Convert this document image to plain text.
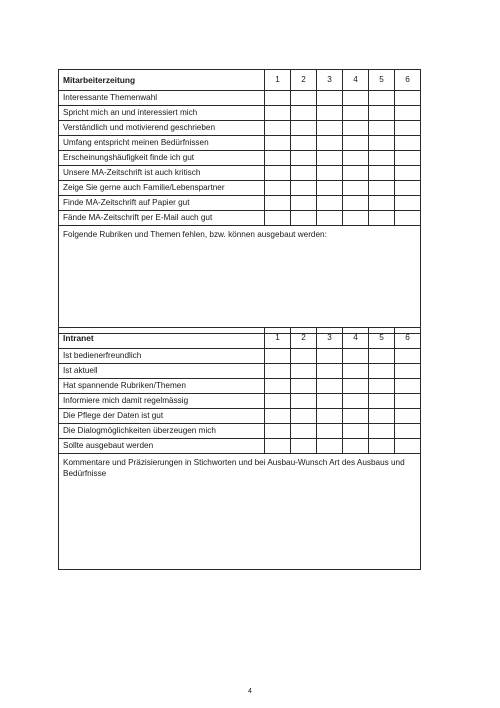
Mitarbeiterzeitung	1	2	3	4	5	6
Interessante Themenwahl						
Spricht mich an und interessiert mich						
Verständlich und motivierend geschrieben						
Umfang entspricht meinen Bedürfnissen						
Erscheinungshäufigkeit finde ich gut						
Unsere MA-Zeitschrift ist auch kritisch						
Zeige Sie gerne auch Familie/Lebenspartner						
Finde MA-Zeitschrift auf Papier gut						
Fände MA-Zeitschrift per E-Mail auch gut						
Folgende Rubriken und Themen fehlen, bzw. können ausgebaut werden:						
Intranet	1	2	3	4	5	6
Ist bedienerfreundlich						
Ist aktuell						
Hat spannende Rubriken/Themen						
Informiere mich damit regelmässig						
Die Pflege der Daten ist gut						
Die Dialogmöglichkeiten überzeugen mich						
Sollte ausgebaut werden						
Kommentare und Präzisierungen in Stichworten und bei Ausbau-Wunsch Art des Ausbaus und Bedürfnisse						
4
